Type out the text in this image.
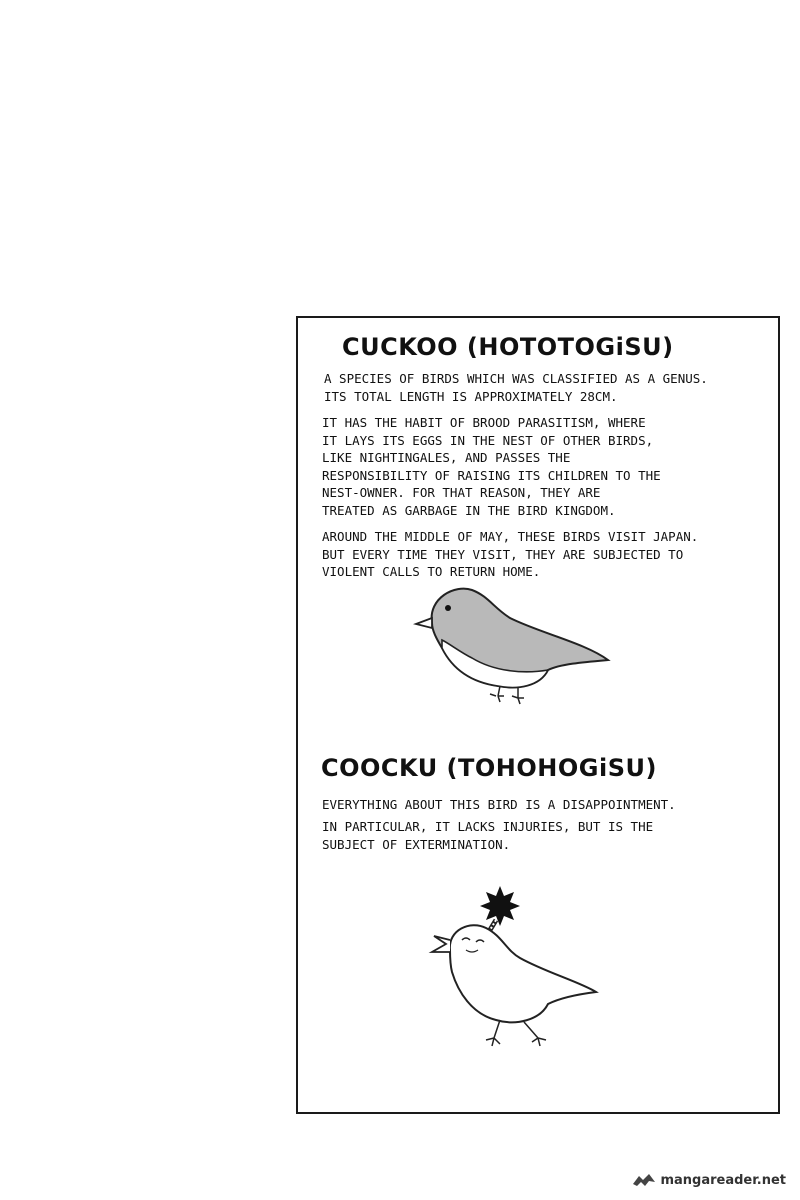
CUCKOO (HOTOTOGiSU)

A SPECIES OF BIRDS WHICH WAS CLASSIFIED AS A GENUS.
ITS TOTAL LENGTH IS APPROXIMATELY 28CM.

IT HAS THE HABIT OF BROOD PARASITISM, WHERE
IT LAYS ITS EGGS IN THE NEST OF OTHER BIRDS,
LIKE NIGHTINGALES, AND PASSES THE
RESPONSIBILITY OF RAISING ITS CHILDREN TO THE
NEST-OWNER. FOR THAT REASON, THEY ARE
TREATED AS GARBAGE IN THE BIRD KINGDOM.

AROUND THE MIDDLE OF MAY, THESE BIRDS VISIT JAPAN.
BUT EVERY TIME THEY VISIT, THEY ARE SUBJECTED TO
VIOLENT CALLS TO RETURN HOME.

COOCKU (TOHOHOGiSU)

EVERYTHING ABOUT THIS BIRD IS A DISAPPOINTMENT.

IN PARTICULAR, IT LACKS INJURIES, BUT IS THE
SUBJECT OF EXTERMINATION.

mangareader.net
